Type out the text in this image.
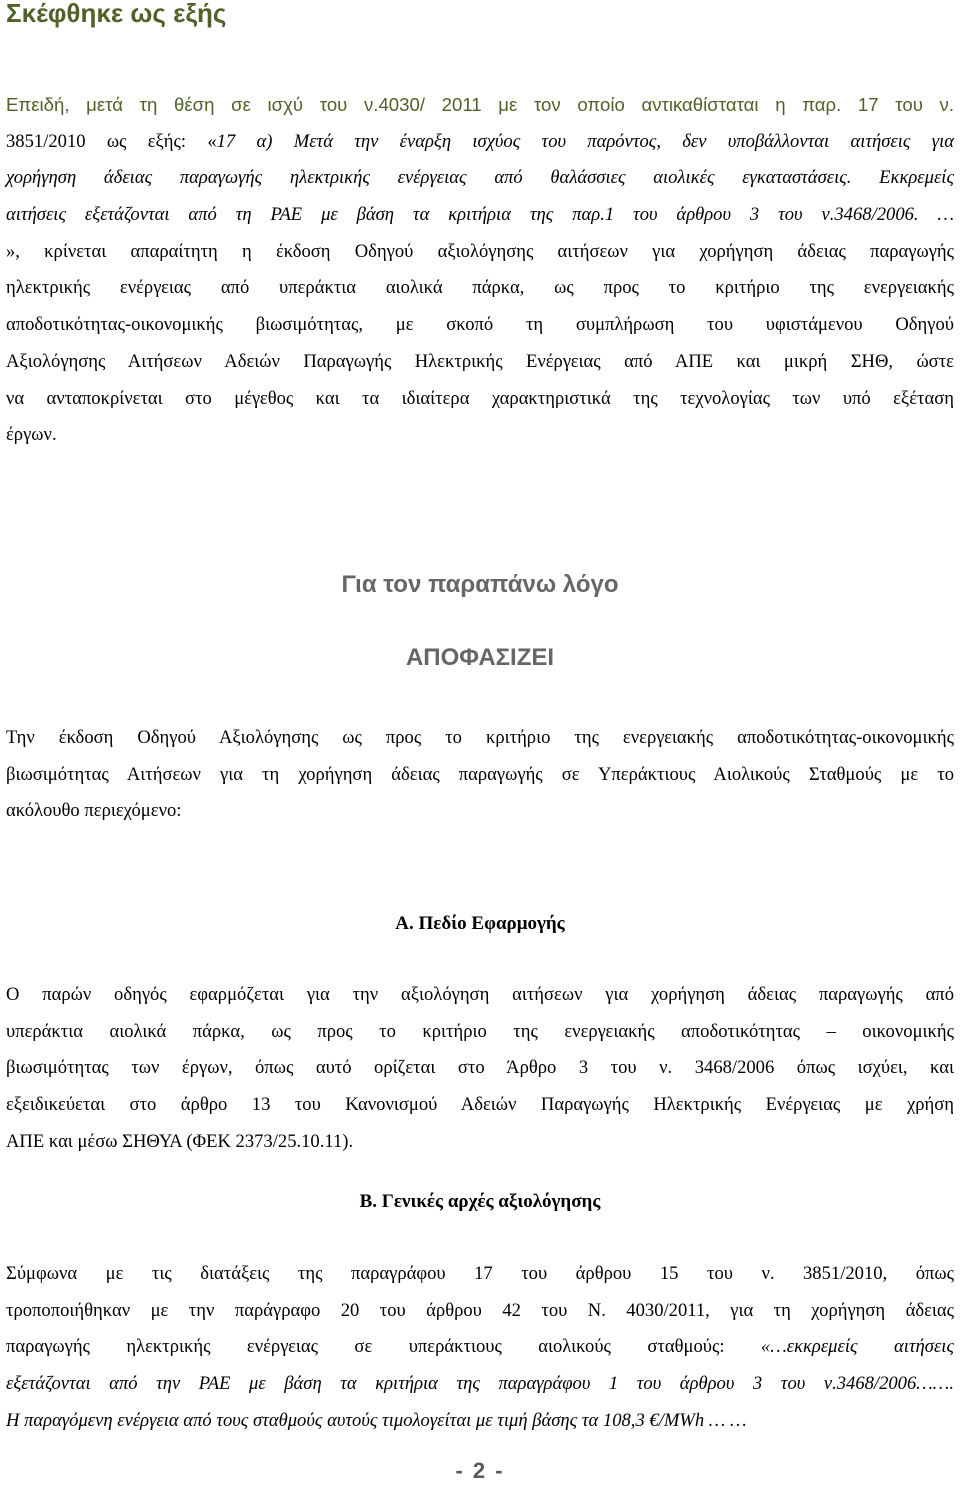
Σκέφθηκε ως εξής
Επειδή, μετά τη θέση σε ισχύ του ν.4030/ 2011 με τον οποίο αντικαθίσταται η παρ. 17 του ν.
3851/2010 ως εξής: «17 α) Μετά την έναρξη ισχύος του παρόντος, δεν υποβάλλονται αιτήσεις για
χορήγηση άδειας παραγωγής ηλεκτρικής ενέργειας από θαλάσσιες αιολικές εγκαταστάσεις. Εκκρεμείς
αιτήσεις εξετάζονται από τη ΡΑΕ με βάση τα κριτήρια της παρ.1 του άρθρου 3 του ν.3468/2006. …
», κρίνεται απαραίτητη η έκδοση Οδηγού αξιολόγησης αιτήσεων για χορήγηση άδειας παραγωγής
ηλεκτρικής ενέργειας από υπεράκτια αιολικά πάρκα, ως προς το κριτήριο της ενεργειακής
αποδοτικότητας-οικονομικής βιωσιμότητας, με σκοπό τη συμπλήρωση του υφιστάμενου Οδηγού
Αξιολόγησης Αιτήσεων Αδειών Παραγωγής Ηλεκτρικής Ενέργειας από ΑΠΕ και μικρή ΣΗΘ, ώστε
να ανταποκρίνεται στο μέγεθος και τα ιδιαίτερα χαρακτηριστικά της τεχνολογίας των υπό εξέταση
έργων.
Για τον παραπάνω λόγο
ΑΠΟΦΑΣΙΖΕΙ
Την έκδοση Οδηγού Αξιολόγησης ως προς το κριτήριο της ενεργειακής αποδοτικότητας-οικονομικής
βιωσιμότητας Αιτήσεων για τη χορήγηση άδειας παραγωγής σε Υπεράκτιους Αιολικούς Σταθμούς με το
ακόλουθο περιεχόμενο:
Α. Πεδίο Εφαρμογής
Ο παρών οδηγός εφαρμόζεται για την αξιολόγηση αιτήσεων για χορήγηση άδειας παραγωγής από
υπεράκτια αιολικά πάρκα, ως προς το κριτήριο της ενεργειακής αποδοτικότητας – οικονομικής
βιωσιμότητας των έργων, όπως αυτό ορίζεται στο Άρθρο 3 του ν. 3468/2006 όπως ισχύει, και
εξειδικεύεται στο άρθρο 13 του Κανονισμού Αδειών Παραγωγής Ηλεκτρικής Ενέργειας με χρήση
ΑΠΕ και μέσω ΣΗΘΥΑ (ΦΕΚ 2373/25.10.11).
Β. Γενικές αρχές αξιολόγησης
Σύμφωνα με τις διατάξεις της παραγράφου 17 του άρθρου 15 του ν. 3851/2010, όπως
τροποποιήθηκαν με την παράγραφο 20 του άρθρου 42 του Ν. 4030/2011, για τη χορήγηση άδειας
παραγωγής ηλεκτρικής ενέργειας σε υπεράκτιους αιολικούς σταθμούς: «…εκκρεμείς αιτήσεις
εξετάζονται από την ΡΑΕ με βάση τα κριτήρια της παραγράφου 1 του άρθρου 3 του ν.3468/2006…….
Η παραγόμενη ενέργεια από τους σταθμούς αυτούς τιμολογείται με τιμή βάσης τα 108,3 €/MWh … …
- 2 -
